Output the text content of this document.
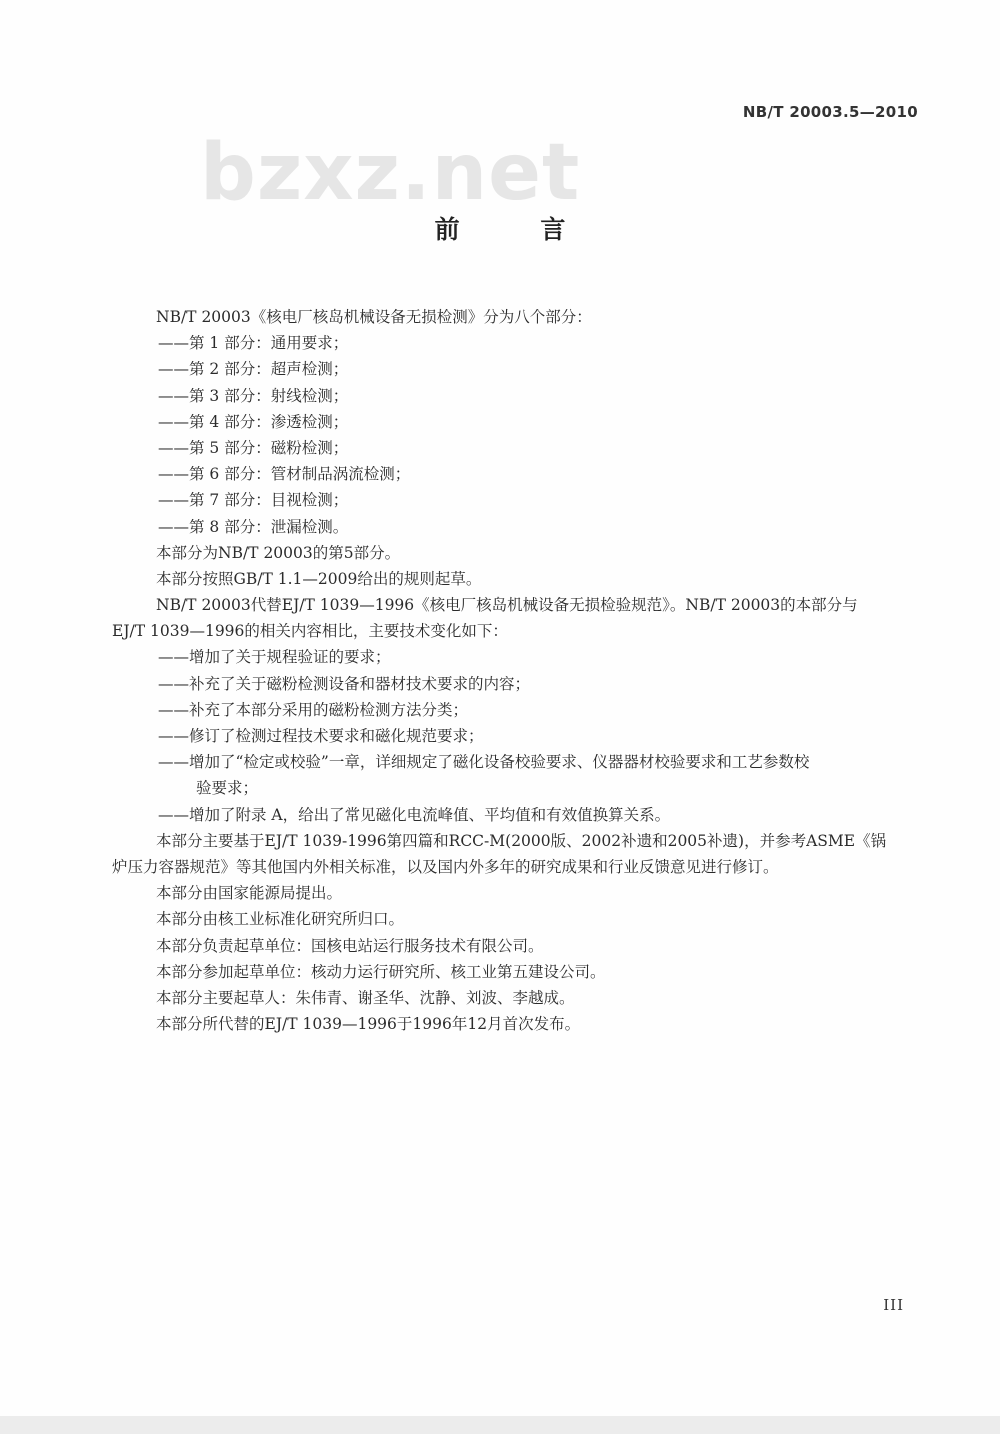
bzxz.net
NB/T 20003.5—2010
前 言
NB/T 20003《核电厂核岛机械设备无损检测》分为八个部分：
——第 1 部分：通用要求；
——第 2 部分：超声检测；
——第 3 部分：射线检测；
——第 4 部分：渗透检测；
——第 5 部分：磁粉检测；
——第 6 部分：管材制品涡流检测；
——第 7 部分：目视检测；
——第 8 部分：泄漏检测。
本部分为NB/T 20003的第5部分。
本部分按照GB/T 1.1—2009给出的规则起草。
NB/T 20003代替EJ/T 1039—1996《核电厂核岛机械设备无损检验规范》。NB/T 20003的本部分与
EJ/T 1039—1996的相关内容相比，主要技术变化如下：
——增加了关于规程验证的要求；
——补充了关于磁粉检测设备和器材技术要求的内容；
——补充了本部分采用的磁粉检测方法分类；
——修订了检测过程技术要求和磁化规范要求；
——增加了“检定或校验”一章，详细规定了磁化设备校验要求、仪器器材校验要求和工艺参数校
验要求；
——增加了附录 A，给出了常见磁化电流峰值、平均值和有效值换算关系。
本部分主要基于EJ/T 1039-1996第四篇和RCC-M(2000版、2002补遗和2005补遗)，并参考ASME《锅
炉压力容器规范》等其他国内外相关标准，以及国内外多年的研究成果和行业反馈意见进行修订。
本部分由国家能源局提出。
本部分由核工业标准化研究所归口。
本部分负责起草单位：国核电站运行服务技术有限公司。
本部分参加起草单位：核动力运行研究所、核工业第五建设公司。
本部分主要起草人：朱伟青、谢圣华、沈静、刘波、李越成。
本部分所代替的EJ/T 1039—1996于1996年12月首次发布。
III
